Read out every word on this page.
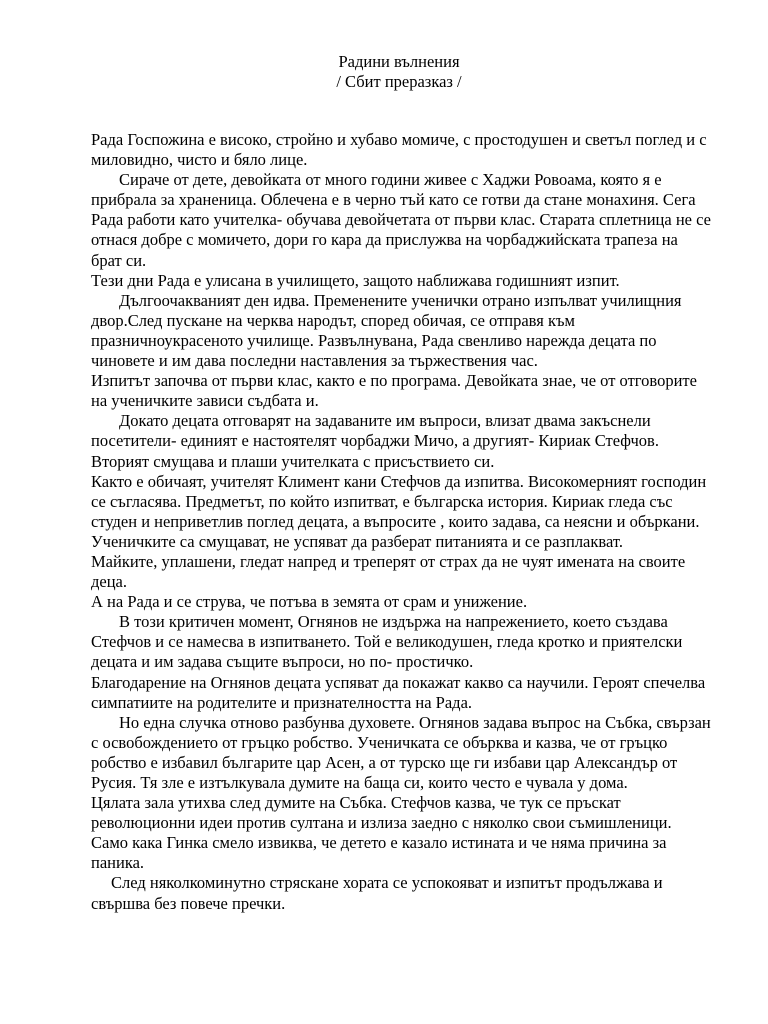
Радини вълнения
/ Сбит преразказ /

Рада Госпожина е високо, стройно и хубаво момиче, с простодушен и светъл поглед и с миловидно, чисто и бяло лице.

Сираче от дете, девойката от много години живее с Хаджи Ровоама, която я е прибрала за храненица. Облечена е в черно тъй като се готви да стане монахиня. Сега Рада работи като учителка- обучава девойчетата от първи клас. Старата сплетница не се отнася добре с момичето, дори го кара да прислужва на чорбаджийската трапеза на брат си.

Тези дни Рада е улисана в училището, защото наближава годишният изпит.

Дългоочакваният ден идва. Пременените ученички отрано изпълват училищния двор.След пускане на черква народът, според обичая, се отправя към празничноукрасеното училище. Развълнувана, Рада свенливо нарежда децата по чиновете и им дава последни наставления за тържествения час.

Изпитът започва от първи клас, както е по програма. Девойката знае, че от отговорите на ученичките зависи съдбата и.

Докато децата отговарят на задаваните им въпроси, влизат двама закъснели посетители- единият е настоятелят чорбаджи Мичо, а другият- Кириак Стефчов. Вторият смущава и плаши учителката с присъствието си.

Както е обичаят, учителят Климент кани Стефчов да изпитва. Високомерният господин се съгласява. Предметът, по който изпитват, е българска история. Кириак гледа със студен и неприветлив поглед децата, а въпросите , които задава, са неясни и объркани. Ученичките са смущават, не успяват да разберат питанията и се разплакват.

Майките, уплашени, гледат напред и треперят от страх да не чуят имената на своите деца.

А на Рада и се струва, че потъва в земята от срам и унижение.

В този критичен момент, Огнянов не издържа на напрежението, което създава Стефчов и се намесва в изпитването. Той е великодушен, гледа кротко и приятелски децата и им задава същите въпроси, но по- простичко.

Благодарение на Огнянов децата успяват да покажат какво са научили. Героят спечелва симпатиите на родителите и признателността на Рада.

Но една случка отново разбунва духовете. Огнянов задава въпрос на Събка, свързан с освобождението от гръцко робство. Ученичката се обърква и казва, че от гръцко робство е избавил българите цар Асен, а от турско ще ги избави цар Александър от Русия. Тя зле е изтълкувала думите на баща си, които често е чувала у дома.

Цялата зала утихва след думите на Събка. Стефчов казва, че тук се пръскат революционни идеи против султана и излиза заедно с няколко свои съмишленици. Само кака Гинка смело извиква, че детето е казало истината и че няма причина за паника.

След няколкоминутно стряскане хората се успокояват и изпитът продължава и свършва без повече пречки.
